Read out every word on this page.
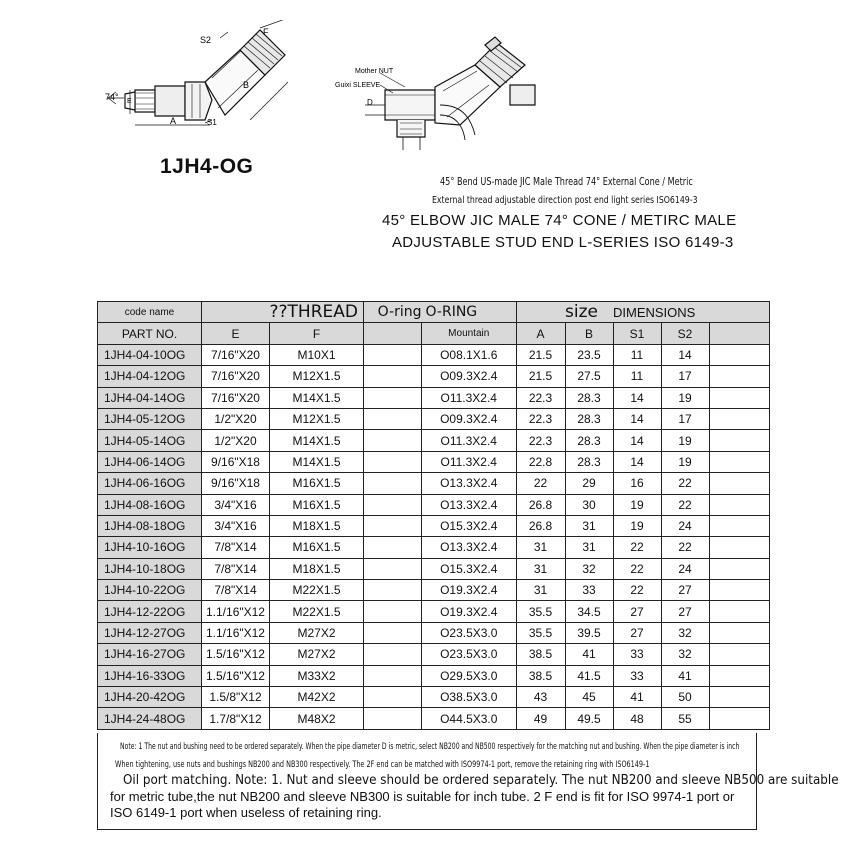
S2
F
B
A	S1
74° E
Mother NUT
Guixi SLEEVE
D
1JH4-OG
45° Bend US-made JIC Male Thread 74° External Cone / Metric
External thread adjustable direction post end light series ISO6149-3
45° ELBOW JIC MALE 74° CONE / METIRC MALE
ADJUSTABLE STUD END L-SERIES ISO 6149-3
code name		??THREAD	O-ring	O-RING		size	DIMENSIONS		
PART NO.	E	F		Mountain	A	B	S1	S2	
1JH4-04-10OG	7/16"X20	M10X1		O08.1X1.6	21.5	23.5	11	14	
1JH4-04-12OG	7/16"X20	M12X1.5		O09.3X2.4	21.5	27.5	11	17	
1JH4-04-14OG	7/16"X20	M14X1.5		O11.3X2.4	22.3	28.3	14	19	
1JH4-05-12OG	1/2"X20	M12X1.5		O09.3X2.4	22.3	28.3	14	17	
1JH4-05-14OG	1/2"X20	M14X1.5		O11.3X2.4	22.3	28.3	14	19	
1JH4-06-14OG	9/16"X18	M14X1.5		O11.3X2.4	22.8	28.3	14	19	
1JH4-06-16OG	9/16"X18	M16X1.5		O13.3X2.4	22	29	16	22	
1JH4-08-16OG	3/4"X16	M16X1.5		O13.3X2.4	26.8	30	19	22	
1JH4-08-18OG	3/4"X16	M18X1.5		O15.3X2.4	26.8	31	19	24	
1JH4-10-16OG	7/8"X14	M16X1.5		O13.3X2.4	31	31	22	22	
1JH4-10-18OG	7/8"X14	M18X1.5		O15.3X2.4	31	32	22	24	
1JH4-10-22OG	7/8"X14	M22X1.5		O19.3X2.4	31	33	22	27	
1JH4-12-22OG	1.1/16"X12	M22X1.5		O19.3X2.4	35.5	34.5	27	27	
1JH4-12-27OG	1.1/16"X12	M27X2		O23.5X3.0	35.5	39.5	27	32	
1JH4-16-27OG	1.5/16"X12	M27X2		O23.5X3.0	38.5	41	33	32	
1JH4-16-33OG	1.5/16"X12	M33X2		O29.5X3.0	38.5	41.5	33	41	
1JH4-20-42OG	1.5/8"X12	M42X2		O38.5X3.0	43	45	41	50	
1JH4-24-48OG	1.7/8"X12	M48X2		O44.5X3.0	49	49.5	48	55	
Note: 1 The nut and bushing need to be ordered separately. When the pipe diameter D is metric, select NB200 and NB500 respectively for the matching nut and bushing. When the pipe diameter is inch
When tightening, use nuts and bushings NB200 and NB300 respectively. The 2F end can be matched with ISO9974-1 port, remove the retaining ring with ISO6149-1
Oil port matching. Note: 1. Nut and sleeve should be ordered separately. The nut NB200 and sleeve NB500 are suitable
for metric tube,the nut NB200 and sleeve NB300 is suitable for inch tube. 2 F end is fit for ISO 9974-1 port or ISO 6149-1 port when useless of retaining ring.
